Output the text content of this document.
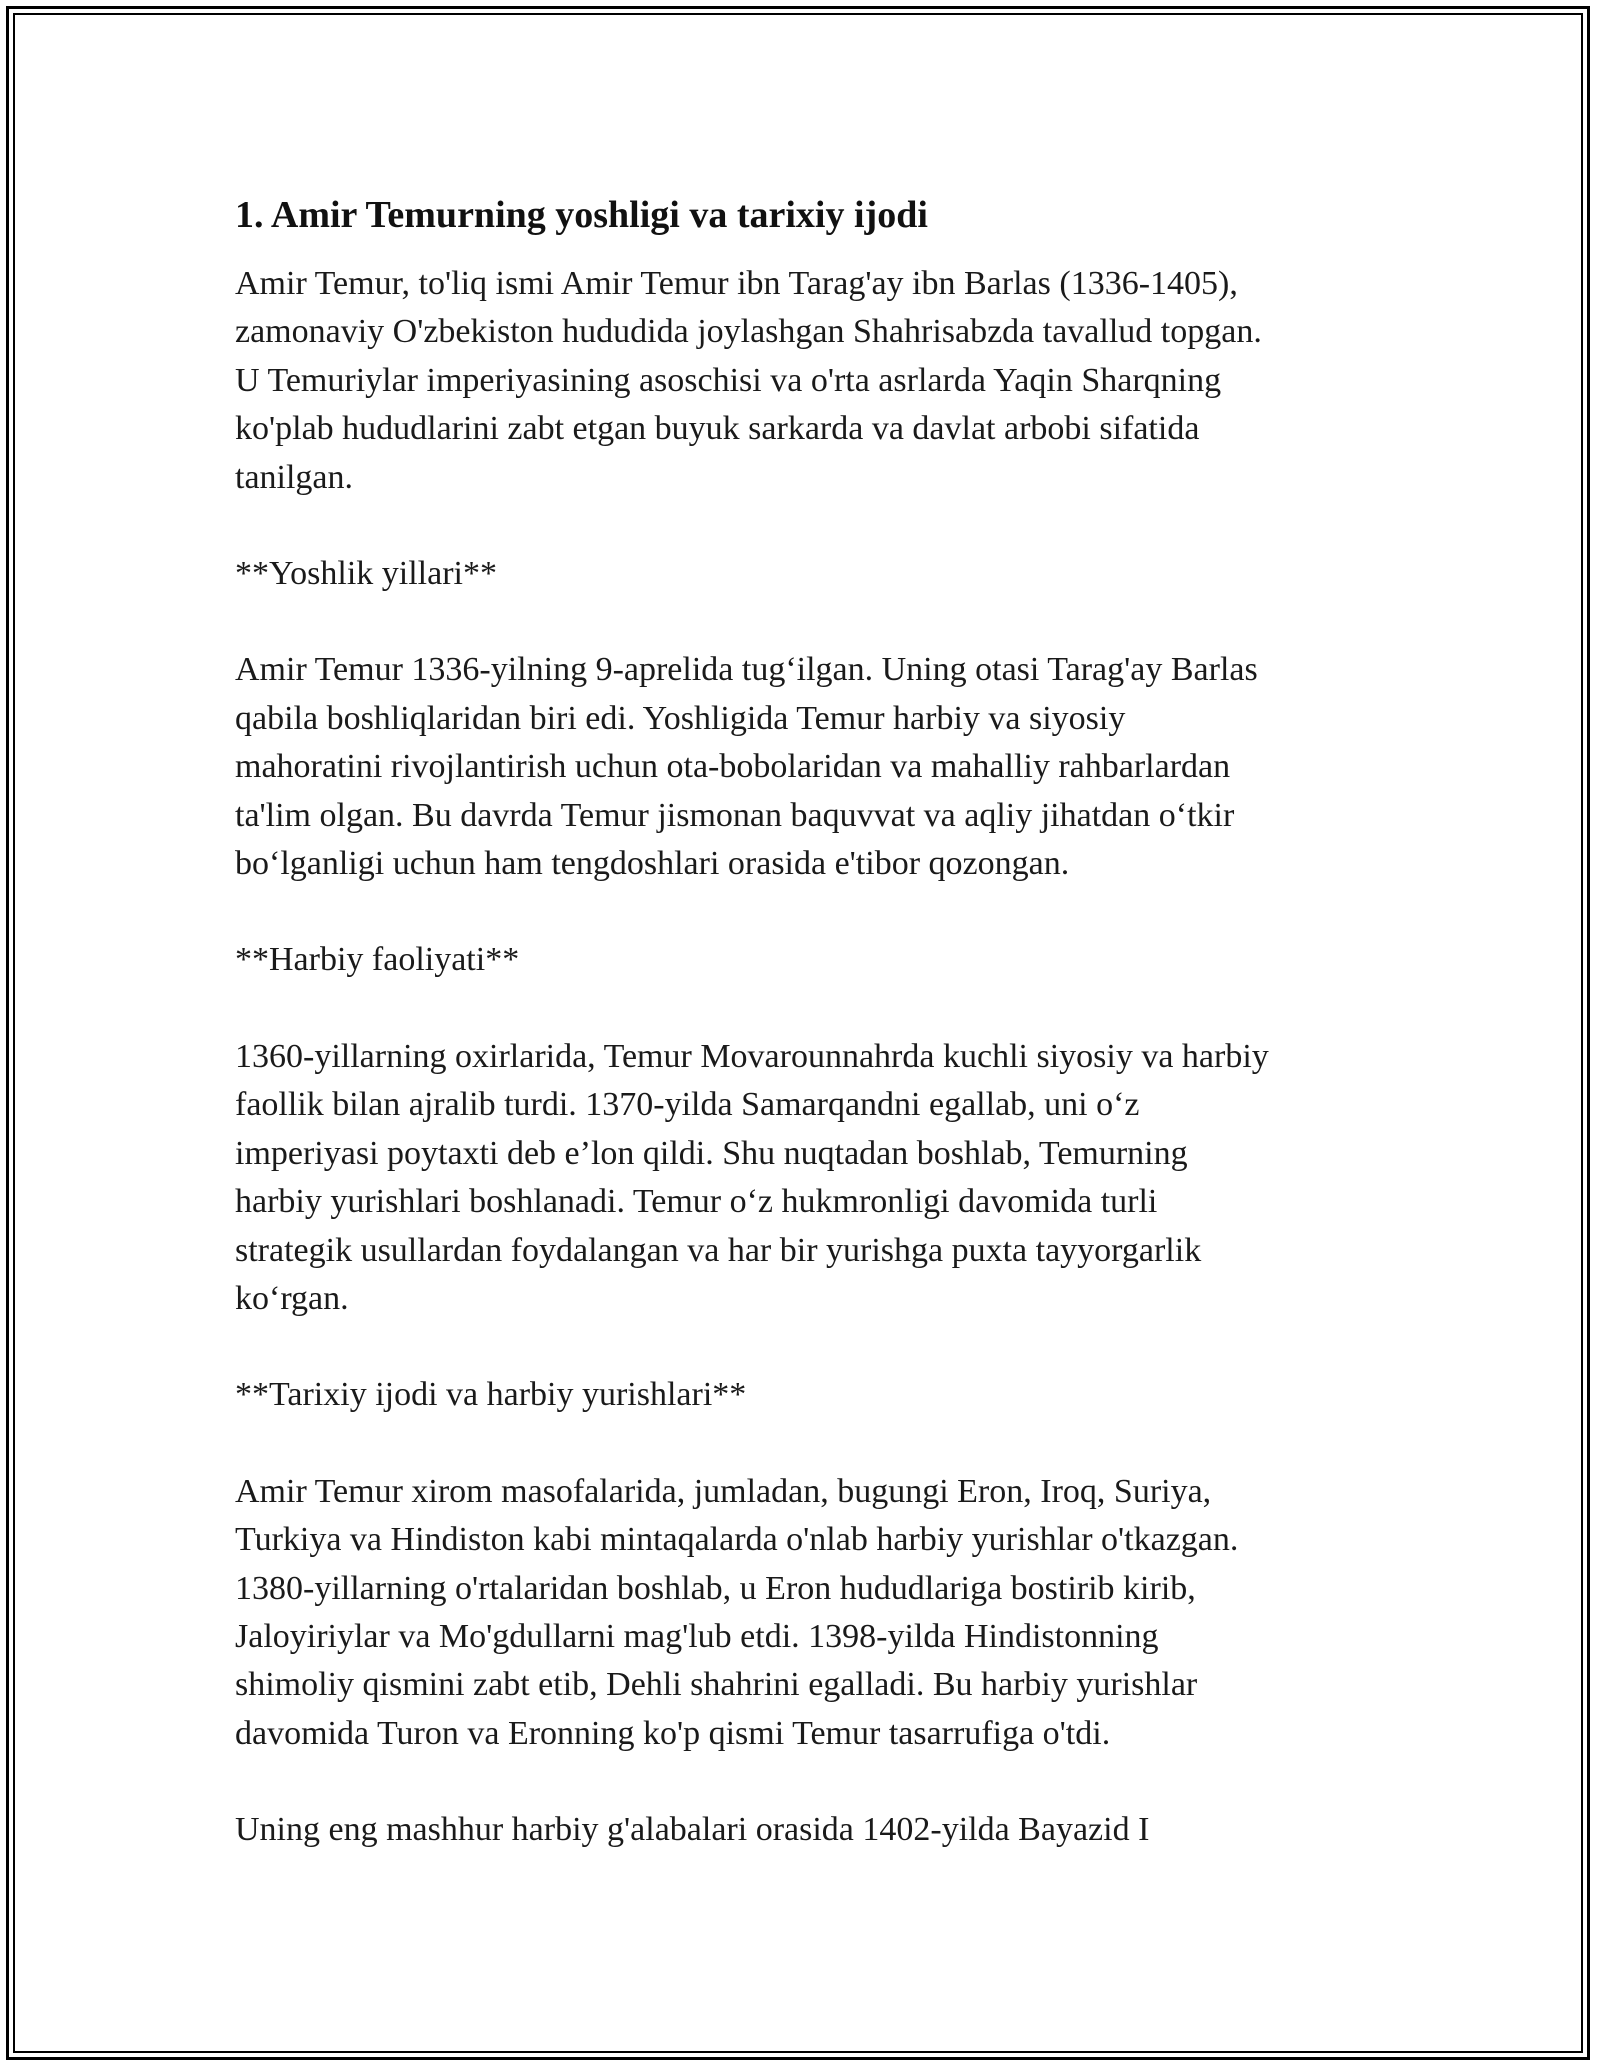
1. Amir Temurning yoshligi va tarixiy ijodi

Amir Temur, to'liq ismi Amir Temur ibn Tarag'ay ibn Barlas (1336-1405),
zamonaviy O'zbekiston hududida joylashgan Shahrisabzda tavallud topgan.
U Temuriylar imperiyasining asoschisi va o'rta asrlarda Yaqin Sharqning
ko'plab hududlarini zabt etgan buyuk sarkarda va davlat arbobi sifatida
tanilgan.

**Yoshlik yillari**

Amir Temur 1336-yilning 9-aprelida tug‘ilgan. Uning otasi Tarag'ay Barlas
qabila boshliqlaridan biri edi. Yoshligida Temur harbiy va siyosiy
mahoratini rivojlantirish uchun ota-bobolaridan va mahalliy rahbarlardan
ta'lim olgan. Bu davrda Temur jismonan baquvvat va aqliy jihatdan o‘tkir
bo‘lganligi uchun ham tengdoshlari orasida e'tibor qozongan.

**Harbiy faoliyati**

1360-yillarning oxirlarida, Temur Movarounnahrda kuchli siyosiy va harbiy
faollik bilan ajralib turdi. 1370-yilda Samarqandni egallab, uni o‘z
imperiyasi poytaxti deb e’lon qildi. Shu nuqtadan boshlab, Temurning
harbiy yurishlari boshlanadi. Temur o‘z hukmronligi davomida turli
strategik usullardan foydalangan va har bir yurishga puxta tayyorgarlik
ko‘rgan.

**Tarixiy ijodi va harbiy yurishlari**

Amir Temur xirom masofalarida, jumladan, bugungi Eron, Iroq, Suriya,
Turkiya va Hindiston kabi mintaqalarda o'nlab harbiy yurishlar o'tkazgan.
1380-yillarning o'rtalaridan boshlab, u Eron hududlariga bostirib kirib,
Jaloyiriylar va Mo'gdullarni mag'lub etdi. 1398-yilda Hindistonning
shimoliy qismini zabt etib, Dehli shahrini egalladi. Bu harbiy yurishlar
davomida Turon va Eronning ko'p qismi Temur tasarrufiga o'tdi.

Uning eng mashhur harbiy g'alabalari orasida 1402-yilda Bayazid I
